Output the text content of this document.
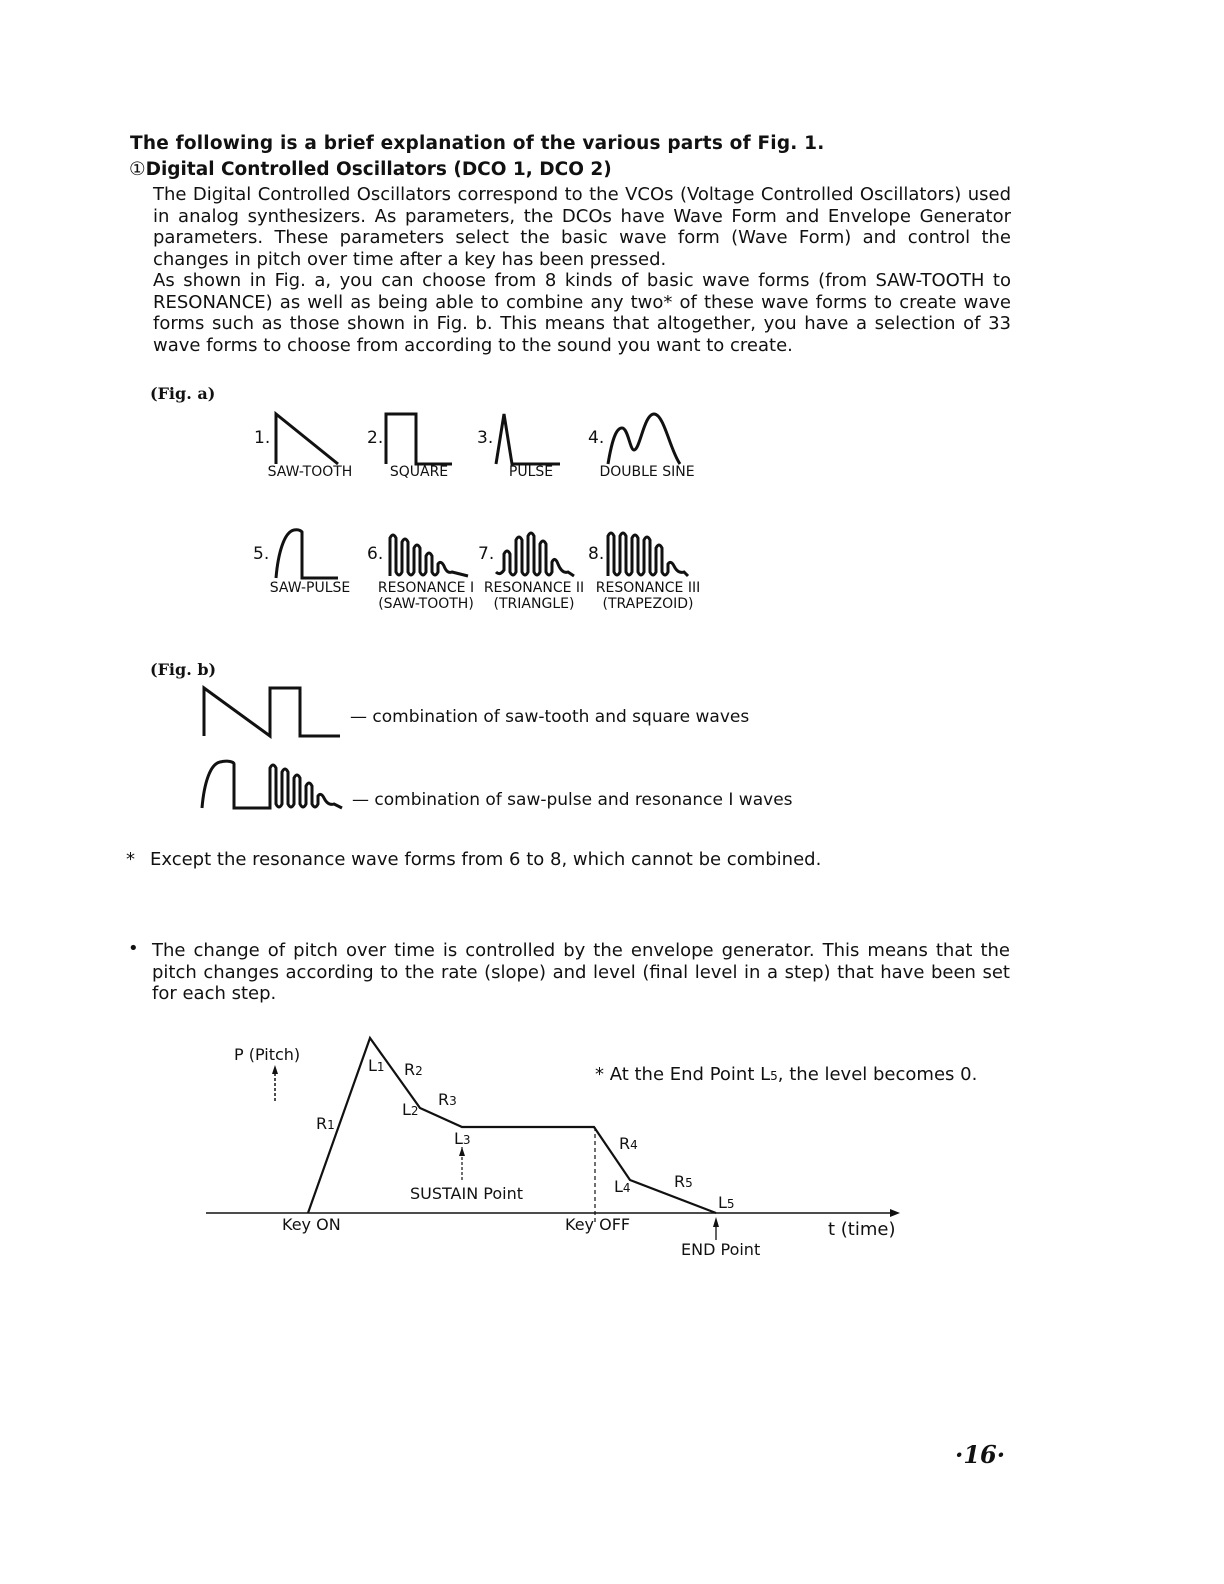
The following is a brief explanation of the various parts of Fig. 1.
①Digital Controlled Oscillators (DCO 1, DCO 2)

The Digital Controlled Oscillators correspond to the VCOs (Voltage Controlled Oscillators) used in analog synthesizers. As parameters, the DCOs have Wave Form and Envelope Generator parameters. These parameters select the basic wave form (Wave Form) and control the changes in pitch over time after a key has been pressed.

As shown in Fig. a, you can choose from 8 kinds of basic wave forms (from SAW-TOOTH to RESONANCE) as well as being able to combine any two* of these wave forms to create wave forms such as those shown in Fig. b. This means that altogether, you have a selection of 33 wave forms to choose from according to the sound you want to create.

(Fig. a)
1.
SAW-TOOTH
2.
SQUARE
3.
PULSE
4.
DOUBLE SINE
5.
SAW-PULSE
6.
RESONANCE I
(SAW-TOOTH)
7.
RESONANCE II
(TRIANGLE)
8.
RESONANCE III
(TRAPEZOID)
(Fig. b)
— combination of saw-tooth and square waves
— combination of saw-pulse and resonance I waves
* Except the resonance wave forms from 6 to 8, which cannot be combined.
• The change of pitch over time is controlled by the envelope generator. This means that the pitch changes according to the rate (slope) and level (final level in a step) that have been set for each step.

P (Pitch)
t (time)
* At the End Point L5, the level becomes 0.
Key ON	Key OFF
SUSTAIN Point
END Point
R1
L1 R2
L2
R3
L3	R4
L4	R5
L5
·16·
